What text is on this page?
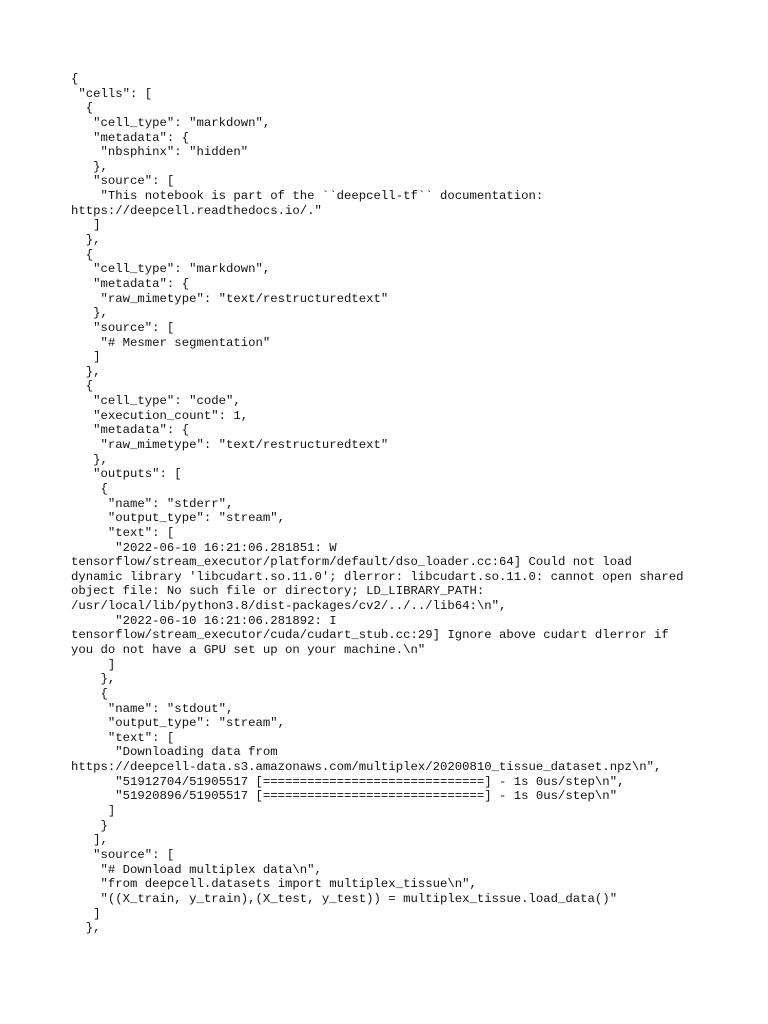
{
"cells": [
{
"cell_type": "markdown",
"metadata": {
"nbsphinx": "hidden"
},
"source": [
"This notebook is part of the ``deepcell-tf`` documentation:
https://deepcell.readthedocs.io/."
]
},
{
"cell_type": "markdown",
"metadata": {
"raw_mimetype": "text/restructuredtext"
},
"source": [
"# Mesmer segmentation"
]
},
{
"cell_type": "code",
"execution_count": 1,
"metadata": {
"raw_mimetype": "text/restructuredtext"
},
"outputs": [
{
"name": "stderr",
"output_type": "stream",
"text": [
"2022-06-10 16:21:06.281851: W
tensorflow/stream_executor/platform/default/dso_loader.cc:64] Could not load
dynamic library 'libcudart.so.11.0'; dlerror: libcudart.so.11.0: cannot open shared
object file: No such file or directory; LD_LIBRARY_PATH:
/usr/local/lib/python3.8/dist-packages/cv2/../../lib64:\n",
"2022-06-10 16:21:06.281892: I
tensorflow/stream_executor/cuda/cudart_stub.cc:29] Ignore above cudart dlerror if
you do not have a GPU set up on your machine.\n"
]
},
{
"name": "stdout",
"output_type": "stream",
"text": [
"Downloading data from
https://deepcell-data.s3.amazonaws.com/multiplex/20200810_tissue_dataset.npz\n",
"51912704/51905517 [==============================] - 1s 0us/step\n",
"51920896/51905517 [==============================] - 1s 0us/step\n"
]
}
],
"source": [
"# Download multiplex data\n",
"from deepcell.datasets import multiplex_tissue\n",
"((X_train, y_train),(X_test, y_test)) = multiplex_tissue.load_data()"
]
},
